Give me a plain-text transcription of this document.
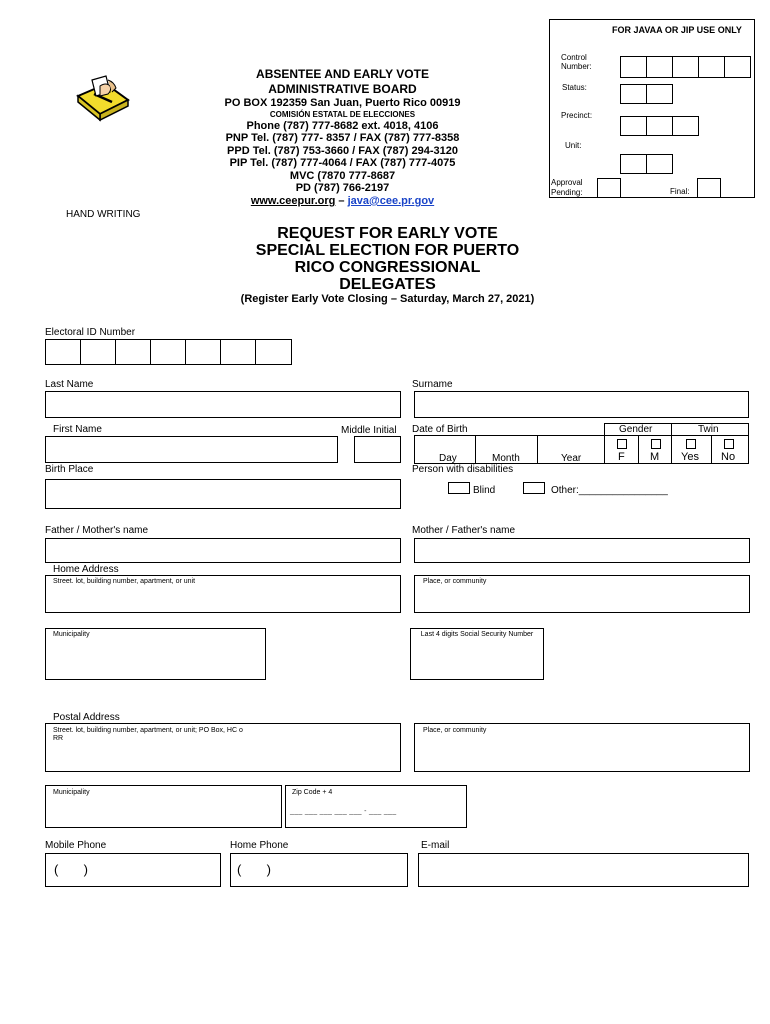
FOR JAVAA OR JIP USE ONLY
Control Number:
Status:
Precinct:
Unit:
Approval Pending:	Final:
ABSENTEE AND EARLY VOTE
ADMINISTRATIVE BOARD
PO BOX 192359 San Juan, Puerto Rico 00919
COMISIÓN ESTATAL DE ELECCIONES
Phone (787) 777-8682 ext. 4018, 4106
PNP Tel. (787) 777- 8357 / FAX (787) 777-8358
PPD Tel. (787) 753-3660 / FAX (787) 294-3120
PIP Tel. (787) 777-4064 / FAX (787) 777-4075
MVC (7870 777-8687
PD (787) 766-2197
www.ceepur.org – java@cee.pr.gov
HAND WRITING
REQUEST FOR EARLY VOTE
SPECIAL ELECTION FOR PUERTO
RICO CONGRESSIONAL
DELEGATES
(Register Early Vote Closing – Saturday, March 27, 2021)
Electoral ID Number
Last Name	Surname
First Name	Middle Initial Date of Birth
Day	Month	Year
Gender
F M
Twin
Yes No
Birth Place	Person with disabilities
Blind	Other:________________
Father / Mother's name	Mother / Father's name
Home Address
Street. lot, building number, apartment, or unit	Place, or community
Municipality	Last 4 digits Social Security Number
Postal Address
Street. lot, building number, apartment, or unit; PO Box, HC o RR
Place, or community
Municipality	Zip Code + 4
___ ___ ___ ___ ___ - ___ ___
Mobile Phone
(       )
Home Phone
(       )
E-mail
